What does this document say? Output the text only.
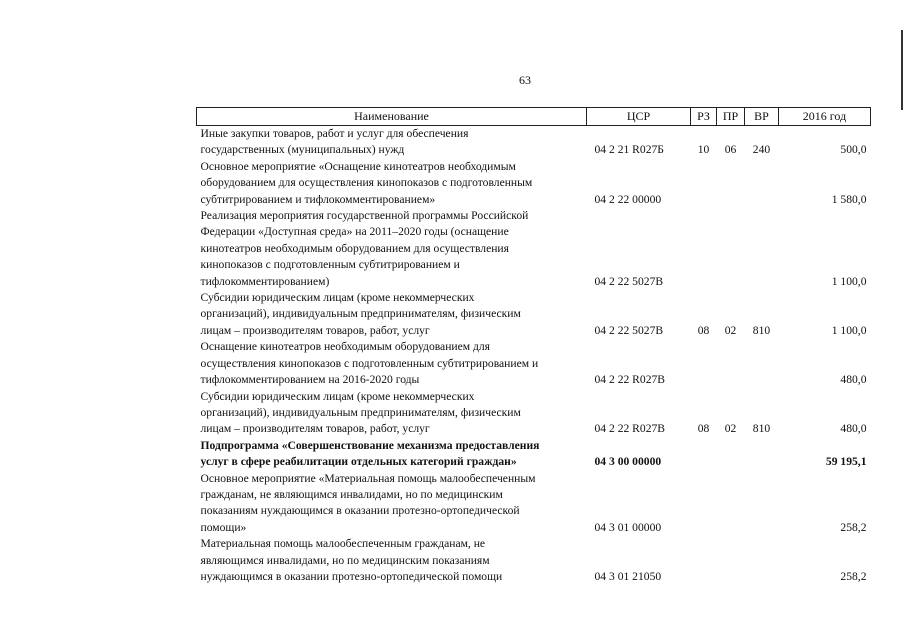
63
Наименование	ЦСР	РЗ	ПР	ВР	2016 год
Иные закупки товаров, работ и услуг для обеспечения
государственных (муниципальных) нужд	04 2 21 R027Б	10	06	240	500,0
Основное мероприятие «Оснащение кинотеатров необходимым
оборудованием для осуществления кинопоказов с подготовленным
субтитрированием и тифлокомментированием»	04 2 22 00000				1 580,0
Реализация мероприятия государственной программы Российской
Федерации «Доступная среда» на 2011–2020 годы (оснащение
кинотеатров необходимым оборудованием для осуществления
кинопоказов с подготовленным субтитрированием и
тифлокомментированием)	04 2 22 5027В				1 100,0
Субсидии юридическим лицам (кроме некоммерческих
организаций), индивидуальным предпринимателям, физическим
лицам – производителям товаров, работ, услуг	04 2 22 5027В	08	02	810	1 100,0
Оснащение кинотеатров необходимым оборудованием для
осуществления кинопоказов с подготовленным субтитрированием и
тифлокомментированием на 2016-2020 годы	04 2 22 R027В				480,0
Субсидии юридическим лицам (кроме некоммерческих
организаций), индивидуальным предпринимателям, физическим
лицам – производителям товаров, работ, услуг	04 2 22 R027В	08	02	810	480,0
Подпрограмма «Совершенствование механизма предоставления
услуг в сфере реабилитации отдельных категорий граждан»	04 3 00 00000				59 195,1
Основное мероприятие «Материальная помощь малообеспеченным
гражданам, не являющимся инвалидами, но по медицинским
показаниям нуждающимся в оказании протезно-ортопедической
помощи»	04 3 01 00000				258,2
Материальная помощь малообеспеченным гражданам, не
являющимся инвалидами, но по медицинским показаниям
нуждающимся в оказании протезно-ортопедической помощи	04 3 01 21050				258,2
